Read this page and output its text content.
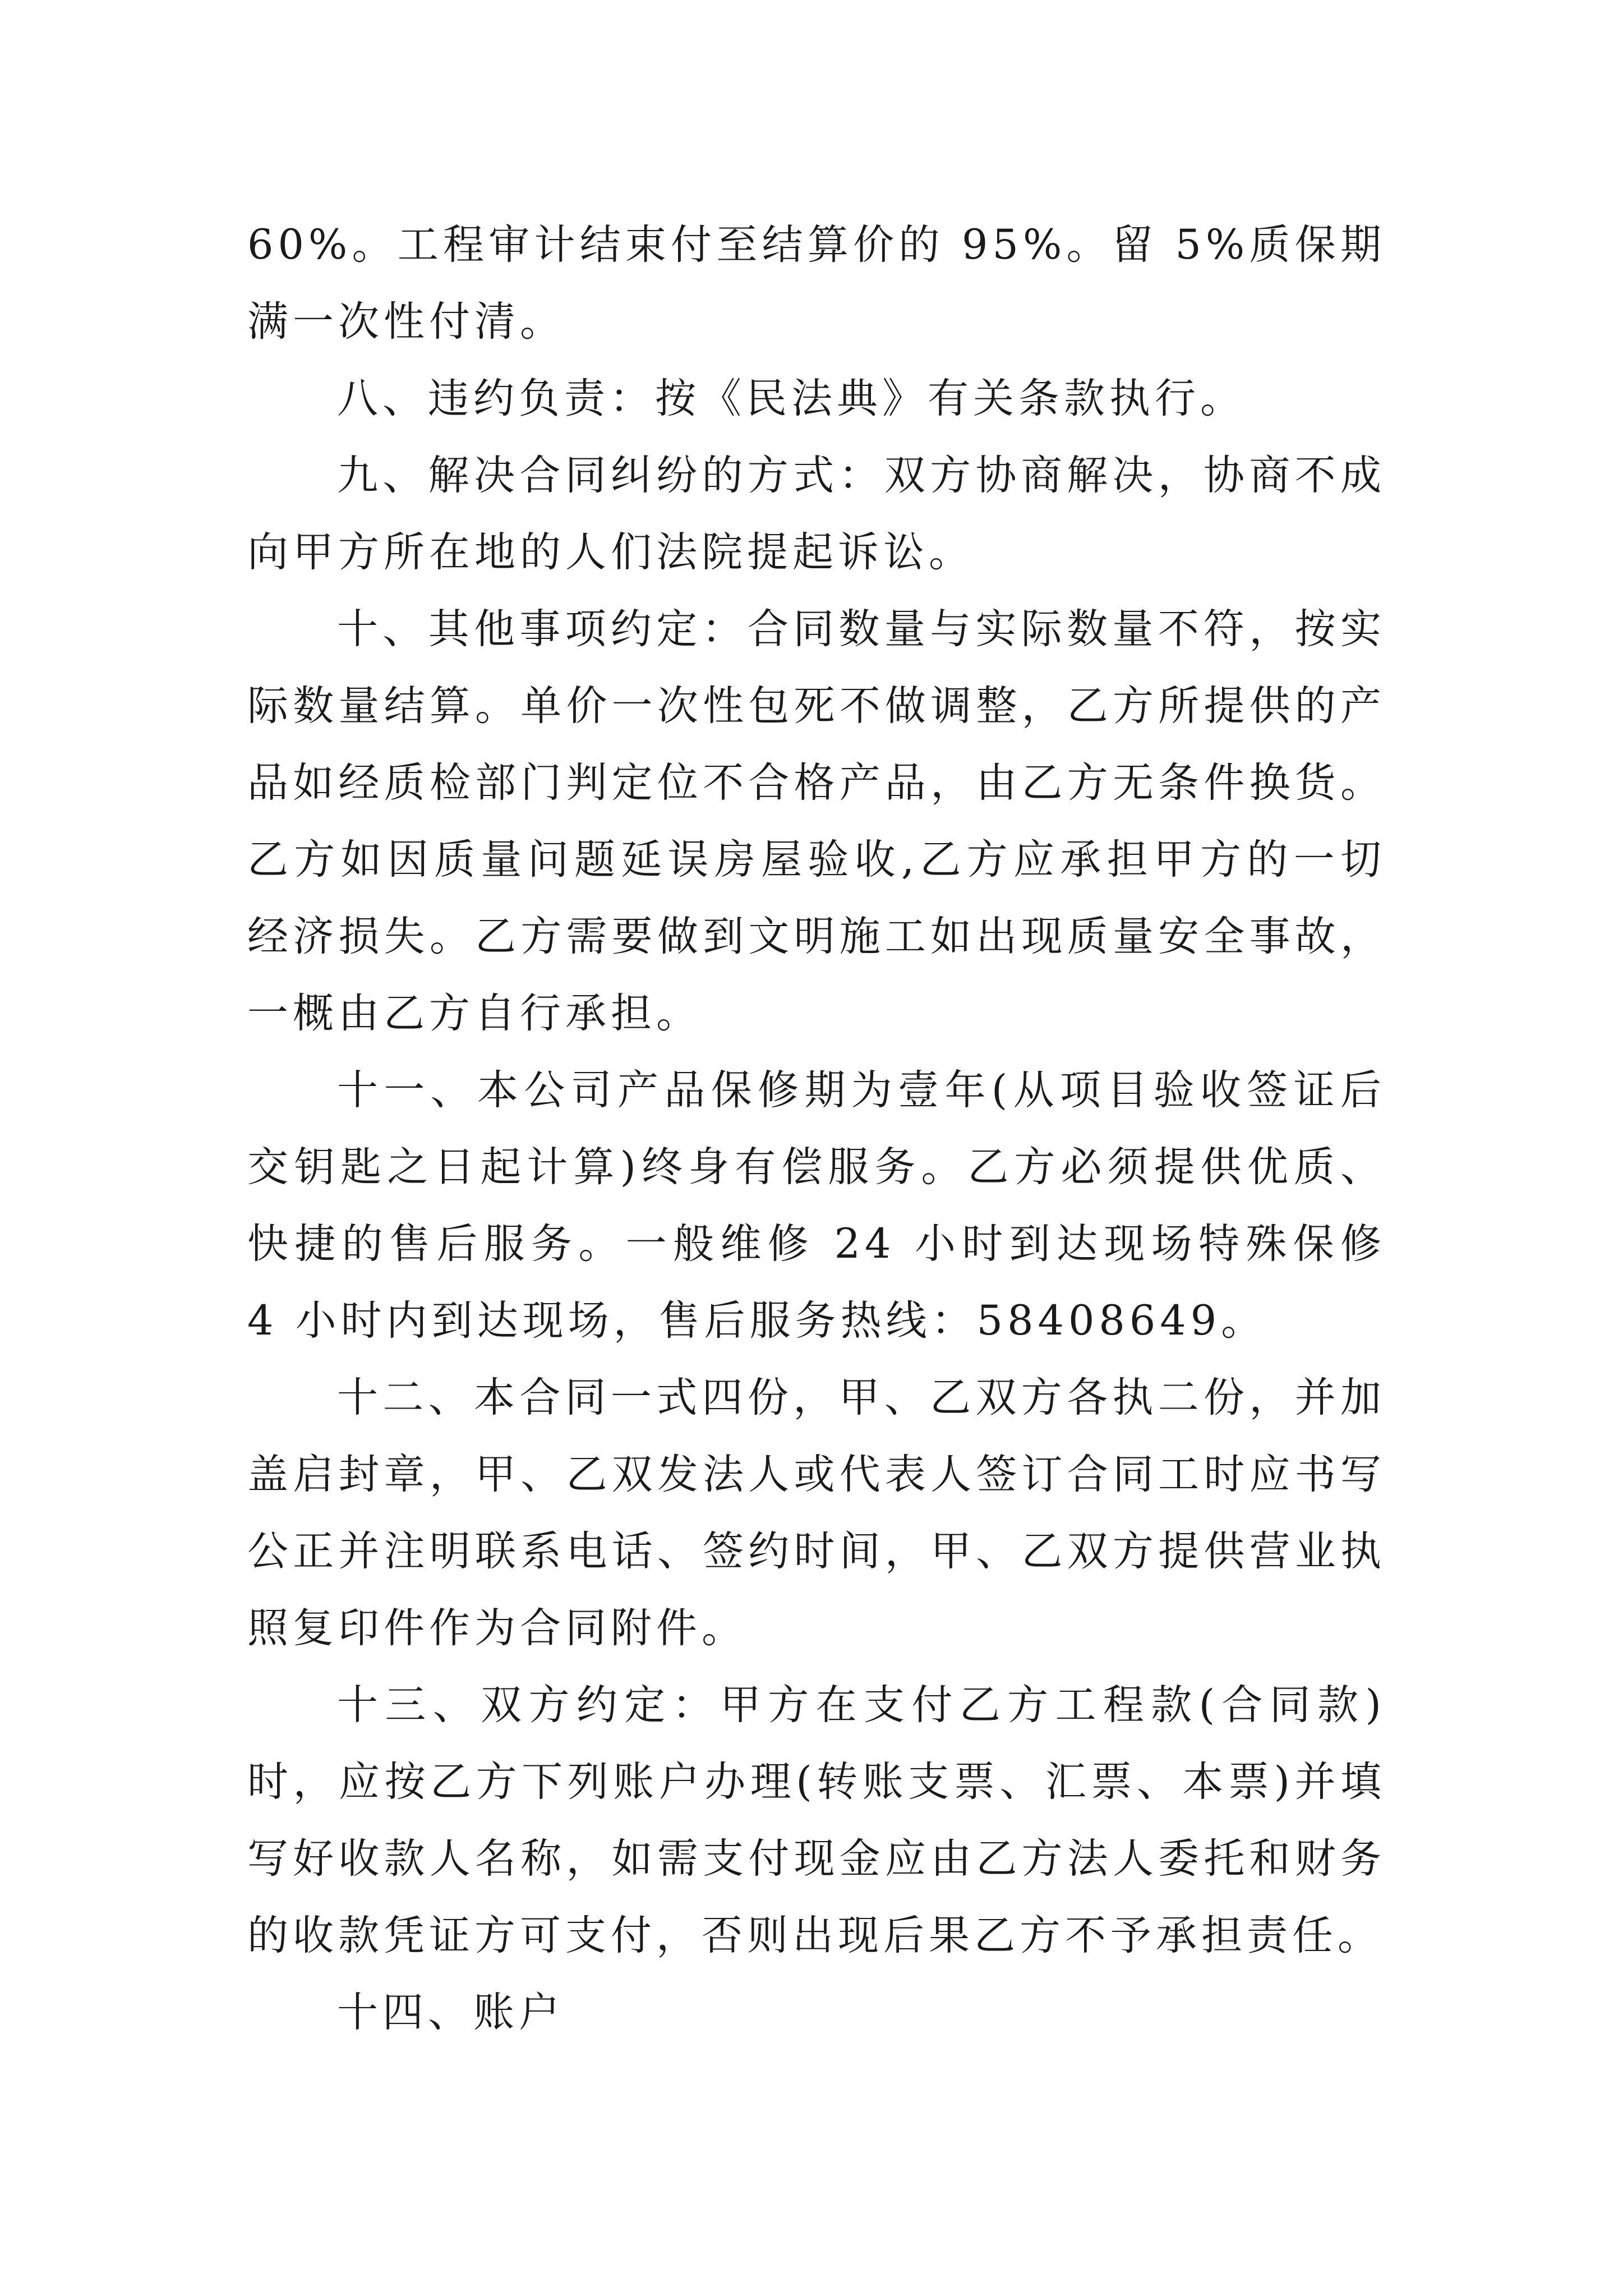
60%。工程审计结束付至结算价的 95%。留 5%质保期满一次性付清。

八、违约负责：按《民法典》有关条款执行。

九、解决合同纠纷的方式：双方协商解决，协商不成向甲方所在地的人们法院提起诉讼。

十、其他事项约定：合同数量与实际数量不符，按实际数量结算。单价一次性包死不做调整，乙方所提供的产品如经质检部门判定位不合格产品，由乙方无条件换货。乙方如因质量问题延误房屋验收,乙方应承担甲方的一切经济损失。乙方需要做到文明施工如出现质量安全事故，一概由乙方自行承担。

十一、本公司产品保修期为壹年(从项目验收签证后交钥匙之日起计算)终身有偿服务。乙方必须提供优质、快捷的售后服务。一般维修 24 小时到达现场特殊保修 4 小时内到达现场，售后服务热线：58408649。

十二、本合同一式四份，甲、乙双方各执二份，并加盖启封章，甲、乙双发法人或代表人签订合同工时应书写公正并注明联系电话、签约时间，甲、乙双方提供营业执照复印件作为合同附件。

十三、双方约定：甲方在支付乙方工程款(合同款)时，应按乙方下列账户办理(转账支票、汇票、本票)并填写好收款人名称，如需支付现金应由乙方法人委托和财务的收款凭证方可支付，否则出现后果乙方不予承担责任。

十四、账户
